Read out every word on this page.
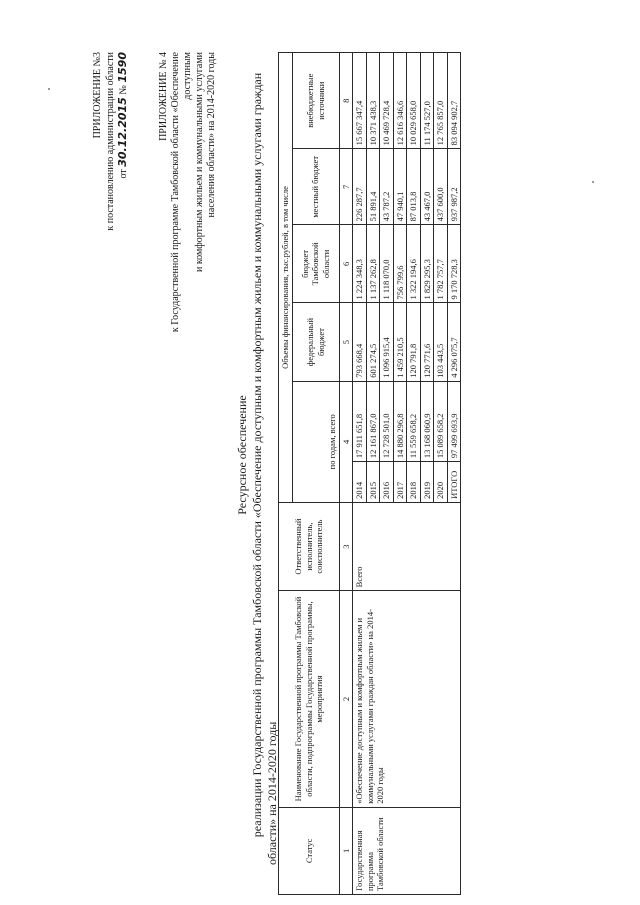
ПРИЛОЖЕНИЕ №3 к постановлению администрации области от 30.12.2015 № 1590	ПРИЛОЖЕНИЕ № 4 к Государственной программе Тамбовской области «Обеспечение доступным и комфортным жильем и коммунальными услугами населения области» на 2014-2020 годы
Ресурсное обеспечение реализации Государственной программы Тамбовской области «Обеспечение доступным и комфортным жильем и коммунальными услугами граждан области» на 2014-2020 годы	Статус	Наименование Государственной программы Тамбовской области, подпрограммы Государственной программы, мероприятия	Ответственный исполнитель, соисполнитель	Объемы финансирования, тыс.рублей, в том числе					
			по годам, всего		федеральный бюджет	бюджет Тамбовской области	местный бюджет	внебюджетные источники
1	2	3	4		5	6	7	8
Государственная программа Тамбовской области	«Обеспечение доступным и комфортным жильем и коммунальными услугами граждан области» на 2014-2020 годы	Всего	2014	17 911 651,8	793 668,4	1 224 348,3	226 287,7	15 667 347,4
			2015	12 161 867,0	601 274,5	1 137 262,8	51 891,4	10 371 438,3
			2016	12 728 501,0	1 096 915,4	1 118 070,0	43 787,2	10 469 728,4
			2017	14 880 296,8	1 459 210,5	756 799,6	47 940,1	12 616 346,6
			2018	11 559 658,2	120 791,8	1 322 194,6	87 013,8	10 029 658,0
			2019	13 168 060,9	120 771,6	1 829 295,3	43 467,0	11 174 527,0
			2020	15 089 658,2	103 443,5	1 782 757,7	437 600,0	12 765 857,0
			ИТОГО	97 499 693,9	4 296 075,7	9 170 728,3	937 987,2	83 094 902,7
